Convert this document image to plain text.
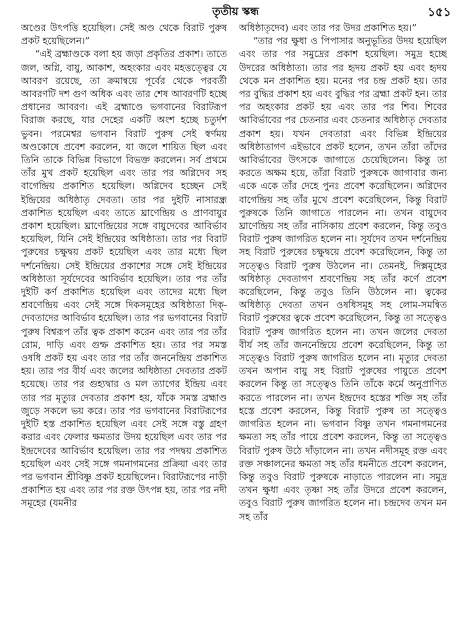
তৃতীয় স্কন্ধ	১৫১

অণ্ডের উৎপত্তি হয়েছিল। সেই অণ্ড থেকে বিরাট পুরুষ প্রকট হয়েছিলেন।”

“এই ব্রহ্মাণ্ডকে বলা হয় জড়া প্রকৃতির প্রকাশ। তাতে জল, অগ্নি, বায়ু, আকাশ, অহংকার এবং মহত্তত্ত্বের যে আবরণ রয়েছে, তা ক্রমান্বয়ে পূর্বের থেকে পরবর্তী আবরণটি দশ গুণ অধিক এবং তার শেষ আবরণটি হচ্ছে প্রধানের আবরণ। এই ব্রহ্মাণ্ডে ভগবানের বিরাটরূপ বিরাজ করছে, যার দেহের একটি অংশ হচ্ছে চতুর্দশ ভুবন। পরমেশ্বর ভগবান বিরাট পুরুষ সেই স্বর্ণময় অণ্ডকোষে প্রবেশ করলেন, যা জলে শায়িত ছিল এবং তিনি তাকে বিভিন্ন বিভাগে বিভক্ত করলেন। সর্ব প্রথমে তাঁর মুখ প্রকট হয়েছিল এবং তার পর অগ্নিদেব সহ বাগেন্দ্রিয় প্রকাশিত হয়েছিল। অগ্নিদেব হচ্ছেন সেই ইন্দ্রিয়ের অধিষ্ঠাতৃ দেবতা। তার পর দুইটি নাসারন্ধ্র প্রকাশিত হয়েছিল এবং তাতে ঘ্রাণেন্দ্রিয় ও প্রাণবায়ুর প্রকাশ হয়েছিল। ঘ্রাণেন্দ্রিয়ের সঙ্গে বায়ুদেবের আবির্ভাব হয়েছিল, যিনি সেই ইন্দ্রিয়ের অধিষ্ঠাতা। তার পর বিরাট পুরুষের চক্ষুদ্বয় প্রকট হয়েছিল এবং তার মধ্যে ছিল দর্শনেন্দ্রিয়। সেই ইন্দ্রিয়ের প্রকাশের সঙ্গে সেই ইন্দ্রিয়ের অধিষ্ঠাতা সূর্যদেবের আবির্ভাব হয়েছিল। তার পর তাঁর দুইটি কর্ণ প্রকাশিত হয়েছিল এবং তাদের মধ্যে ছিল শ্রবণেন্দ্রিয় এবং সেই সঙ্গে দিকসমূহের অধিষ্ঠাতা দিক্-দেবতাদের আবির্ভাব হয়েছিল। তার পর ভগবানের বিরাট পুরুষ বিশ্বরূপ তাঁর ত্বক প্রকাশ করেন এবং তার পর তাঁর রোম, দাড়ি এবং গুম্ফ প্রকাশিত হয়। তার পর সমস্ত ওষধি প্রকট হয় এবং তার পর তাঁর জননেন্দ্রিয় প্রকাশিত হয়। তার পর বীর্য এবং জলের অধিষ্ঠাতা দেবতার প্রকট হয়েছে। তার পর গুহ্যদ্বার ও মল ত্যাগের ইন্দ্রিয় এবং তার পর মৃত্যুর দেবতার প্রকাশ হয়, যাঁকে সমস্ত ব্রহ্মাণ্ড জুড়ে সকলে ভয় করে। তার পর ভগবানের বিরাটরূপের দুইটি হস্ত প্রকাশিত হয়েছিল এবং সেই সঙ্গে বস্তু গ্রহণ করার এবং ফেলার ক্ষমতার উদয় হয়েছিল এবং তার পর ইন্দ্রদেবের আবির্ভাব হয়েছিল। তার পর পদদ্বয় প্রকাশিত হয়েছিল এবং সেই সঙ্গে গমনাগমনের প্রক্রিয়া এবং তার পর ভগবান শ্রীবিষ্ণু প্রকট হয়েছিলেন। বিরাটরূপের নাড়ী প্রকাশিত হয় এবং তার পর রক্ত উৎপন্ন হয়, তার পর নদী সমূহের (যমনীর

অধিষ্ঠাতৃদেব) এবং তার পর উদর প্রকাশিত হয়।”

“তার পর ক্ষুধা ও পিপাসার অনুভূতির উদয় হয়েছিল এবং তার পর সমুদ্রের প্রকাশ হয়েছিল। সমুদ্র হচ্ছে উদরের অধিষ্ঠাতা। তার পর হৃদয় প্রকট হয় এবং হৃদয় থেকে মন প্রকাশিত হয়। মনের পর চন্দ্র প্রকট হয়। তার পর বুদ্ধির প্রকাশ হয় এবং বুদ্ধির পর ব্রহ্মা প্রকট হন। তার পর অহংকার প্রকট হয় এবং তার পর শিব। শিবের আবির্ভাবের পর চেতনার এবং চেতনার অধিষ্ঠাতৃ দেবতার প্রকাশ হয়। যখন দেবতারা এবং বিভিন্ন ইন্দ্রিয়ের অধিষ্ঠাতাগণ এইভাবে প্রকট হলেন, তখন তাঁরা তাঁদের আবির্ভাবের উৎসকে জাগাতে চেয়েছিলেন। কিন্তু তা করতে অক্ষম হয়ে, তাঁরা বিরাট পুরুষকে জাগাবার জন্য একে একে তাঁর দেহে পুনঃ প্রবেশ করেছিলেন। অগ্নিদেব বাগেন্দ্রিয় সহ তাঁর মুখে প্রবেশ করেছিলেন, কিন্তু বিরাট পুরুষকে তিনি জাগাতে পারলেন না। তখন বায়ুদেব ঘ্রাণেন্দ্রিয় সহ তাঁর নাসিকায় প্রবেশ করলেন, কিন্তু তবুও বিরাট পুরুষ জাগরিত হলেন না। সূর্যদেব তখন দর্শনেন্দ্রিয় সহ বিরাট পুরুষের চক্ষুদ্বয়ে প্রবেশ করেছিলেন, কিন্তু তা সত্ত্বেও বিরাট পুরুষ উঠলেন না। তেমনই, দিক্সমূহের অধিষ্ঠাতৃ দেবতাগণ শ্রবণেন্দ্রিয় সহ তাঁর কর্ণে প্রবেশ করেছিলেন, কিন্তু তবুও তিনি উঠলেন না। ত্বকের অধিষ্ঠাতৃ দেবতা তখন ওষধিসমূহ সহ লোম-সমন্বিত বিরাট পুরুষের ত্বকে প্রবেশ করেছিলেন, কিন্তু তা সত্ত্বেও বিরাট পুরুষ জাগরিত হলেন না। তখন জলের দেবতা বীর্য সহ তাঁর জননেন্দ্রিয়ে প্রবেশ করেছিলেন, কিন্তু তা সত্ত্বেও বিরাট পুরুষ জাগরিত হলেন না। মৃত্যুর দেবতা তখন অপান বায়ু সহ বিরাট পুরুষের পায়ুতে প্রবেশ করলেন কিন্তু তা সত্ত্বেও তিনি তাঁকে কর্মে অনুপ্রাণিত করতে পারলেন না। তখন ইন্দ্রদেব হস্তের শক্তি সহ তাঁর হস্তে প্রবেশ করলেন, কিন্তু বিরাট পুরুষ তা সত্ত্বেও জাগরিত হলেন না। ভগবান বিষ্ণু তখন গমনাগমনের ক্ষমতা সহ তাঁর পায়ে প্রবেশ করলেন, কিন্তু তা সত্ত্বেও বিরাট পুরুষ উঠে দাঁড়ালেন না। তখন নদীসমূহ রক্ত এবং রক্ত সঞ্চালনের ক্ষমতা সহ তাঁর ধমনীতে প্রবেশ করলেন, কিন্তু তবুও বিরাট পুরুষকে নাড়াতে পারলেন না। সমুদ্র তখন ক্ষুধা এবং তৃষ্ণা সহ তাঁর উদরে প্রবেশ করলেন, তবুও বিরাট পুরুষ জাগরিত হলেন না। চন্দ্রদেব তখন মন সহ তাঁর
